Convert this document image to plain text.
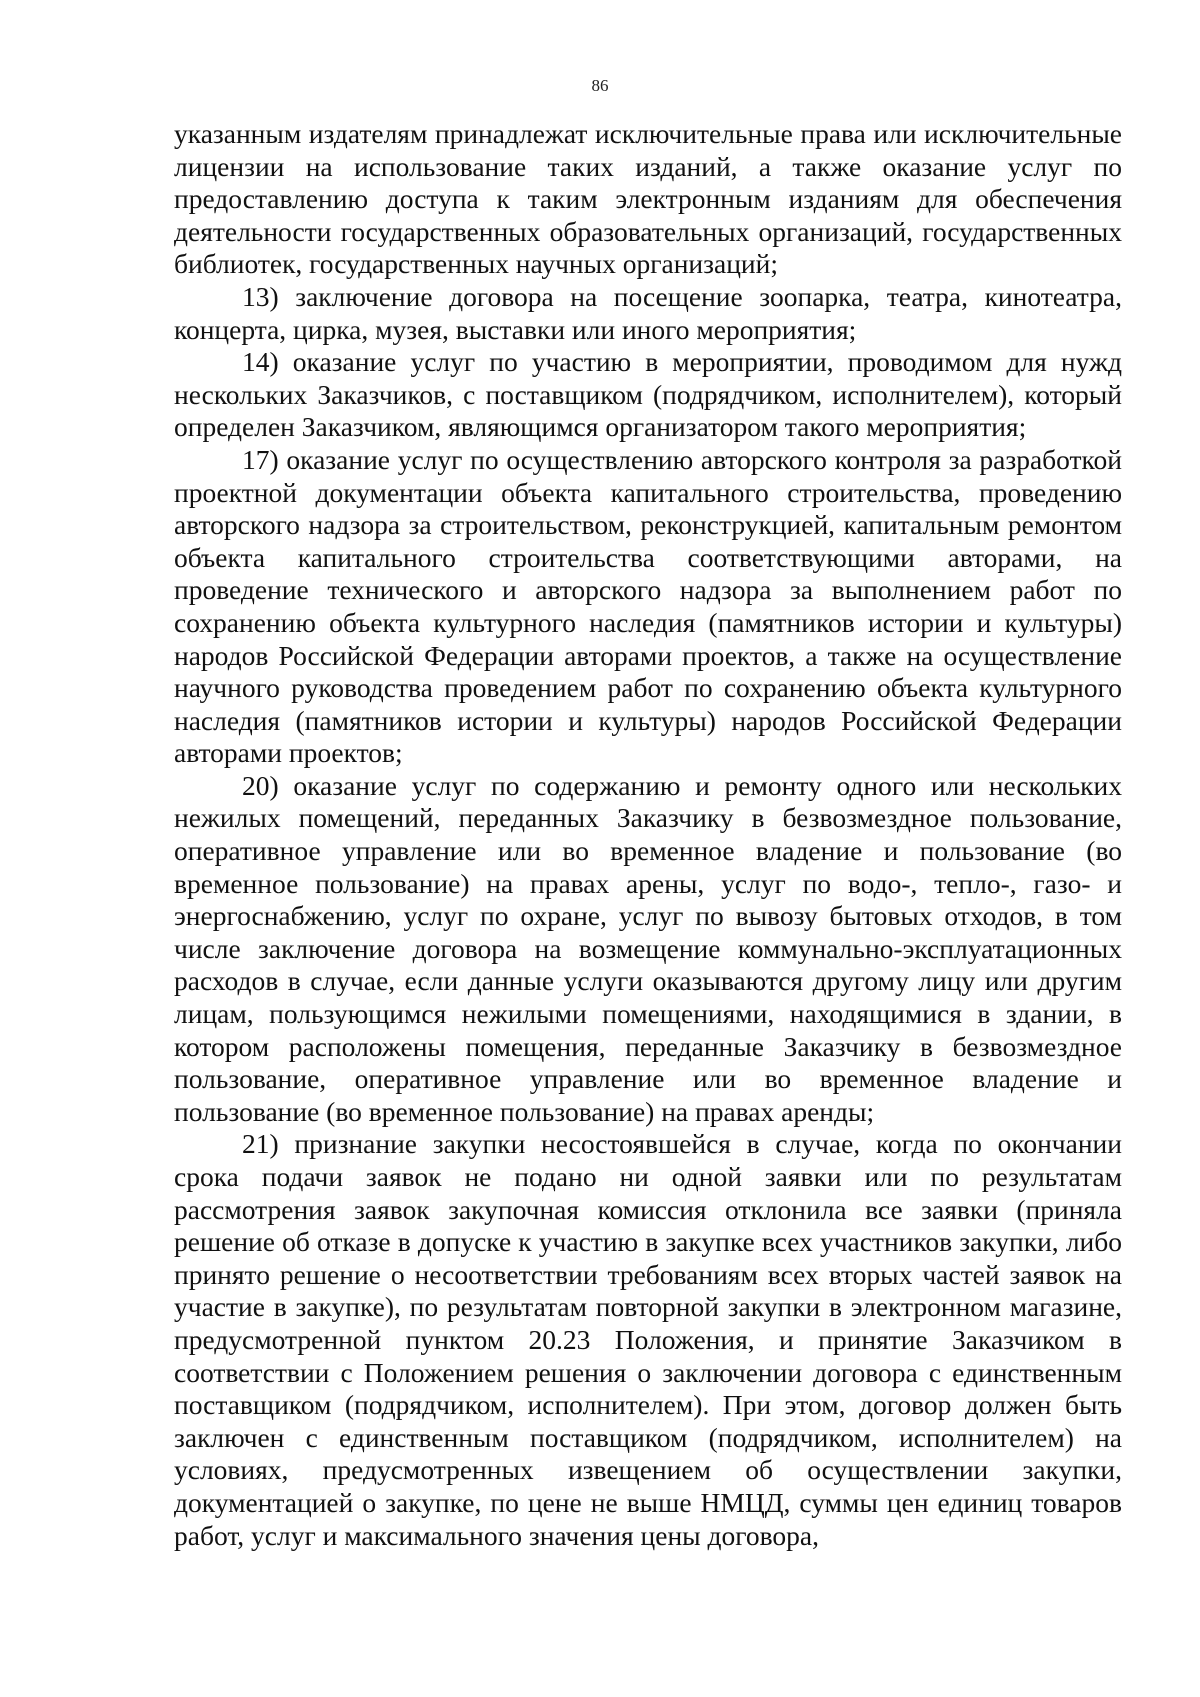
86

указанным издателям принадлежат исключительные права или исключительные лицензии на использование таких изданий, а также оказание услуг по предоставлению доступа к таким электронным изданиям для обеспечения деятельности государственных образовательных организаций, государственных библиотек, государственных научных организаций;

13) заключение договора на посещение зоопарка, театра, кинотеатра, концерта, цирка, музея, выставки или иного мероприятия;

14) оказание услуг по участию в мероприятии, проводимом для нужд нескольких Заказчиков, с поставщиком (подрядчиком, исполнителем), который определен Заказчиком, являющимся организатором такого мероприятия;

17) оказание услуг по осуществлению авторского контроля за разработкой проектной документации объекта капитального строительства, проведению авторского надзора за строительством, реконструкцией, капитальным ремонтом объекта капитального строительства соответствующими авторами, на проведение технического и авторского надзора за выполнением работ по сохранению объекта культурного наследия (памятников истории и культуры) народов Российской Федерации авторами проектов, а также на осуществление научного руководства проведением работ по сохранению объекта культурного наследия (памятников истории и культуры) народов Российской Федерации авторами проектов;

20) оказание услуг по содержанию и ремонту одного или нескольких нежилых помещений, переданных Заказчику в безвозмездное пользование, оперативное управление или во временное владение и пользование (во временное пользование) на правах арены, услуг по водо-, тепло-, газо- и энергоснабжению, услуг по охране, услуг по вывозу бытовых отходов, в том числе заключение договора на возмещение коммунально-эксплуатационных расходов в случае, если данные услуги оказываются другому лицу или другим лицам, пользующимся нежилыми помещениями, находящимися в здании, в котором расположены помещения, переданные Заказчику в безвозмездное пользование, оперативное управление или во временное владение и пользование (во временное пользование) на правах аренды;

21) признание закупки несостоявшейся в случае, когда по окончании срока подачи заявок не подано ни одной заявки или по результатам рассмотрения заявок закупочная комиссия отклонила все заявки (приняла решение об отказе в допуске к участию в закупке всех участников закупки, либо принято решение о несоответствии требованиям всех вторых частей заявок на участие в закупке), по результатам повторной закупки в электронном магазине, предусмотренной пунктом 20.23 Положения, и принятие Заказчиком в соответствии с Положением решения о заключении договора с единственным поставщиком (подрядчиком, исполнителем). При этом, договор должен быть заключен с единственным поставщиком (подрядчиком, исполнителем) на условиях, предусмотренных извещением об осуществлении закупки, документацией о закупке, по цене не выше НМЦД, суммы цен единиц товаров работ, услуг и максимального значения цены договора,
